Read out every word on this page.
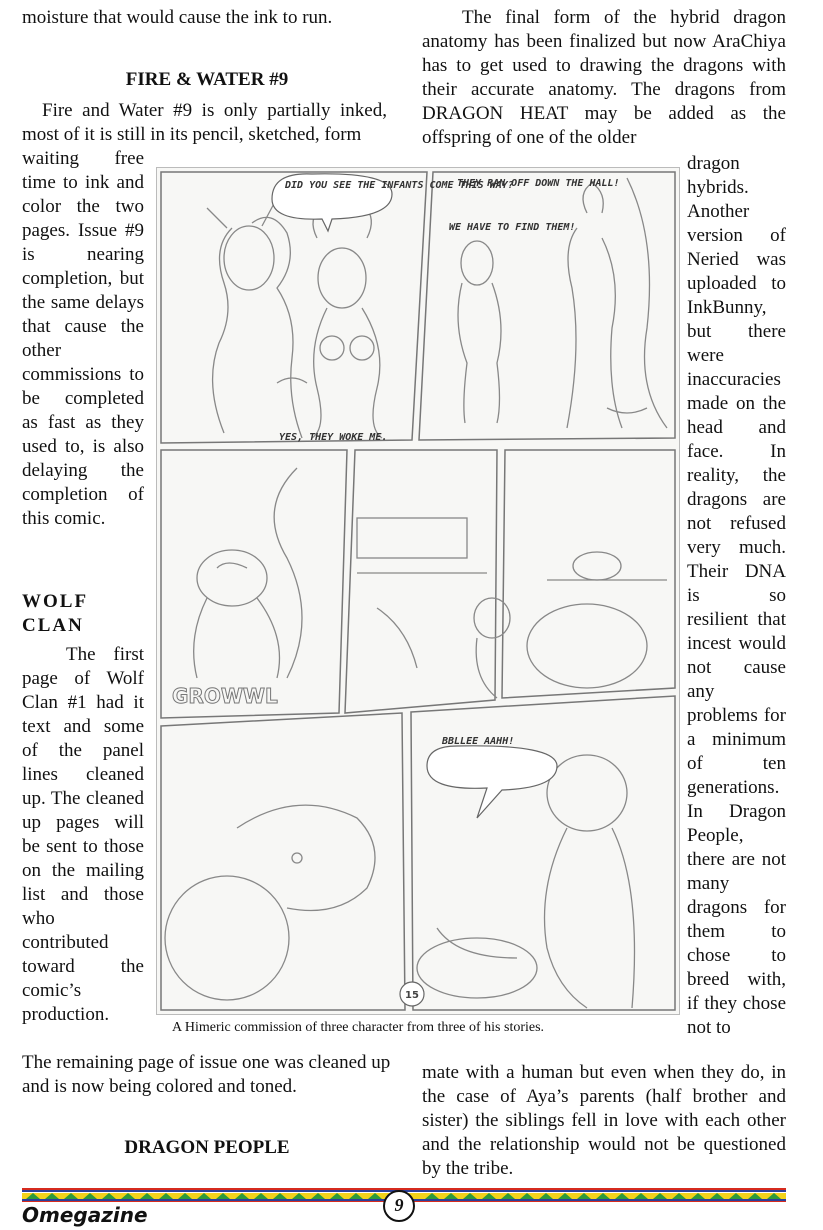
moisture that would cause the ink to run.
FIRE & WATER #9
Fire and Water #9 is only partially inked, most of it is still in its pencil, sketched, form
waiting free time to ink and color the two pages. Issue #9 is nearing completion, but the same delays that cause the other commissions to be completed as fast as they used to, is also delaying the completion of this comic.
WOLF CLAN
The first page of Wolf Clan #1 had it text and some of the panel lines cleaned up. The cleaned up pages will be sent to those on the mailing list and those who contributed toward the comic’s production.
The remaining page of issue one was cleaned up and is now being colored and toned.
DRAGON PEOPLE
The final form of the hybrid dragon anatomy has been finalized but now AraChiya has to get used to drawing the dragons with their accurate anatomy. The dragons from DRAGON HEAT may be added as the offspring of one of the older
dragon hybrids. Another version of Neried was uploaded to InkBunny, but there were inaccuracies made on the head and face. In reality, the dragons are not refused very much. Their DNA is so resilient that incest would not cause any problems for a minimum of ten generations. In Dragon People, there are not many dragons for them to chose to breed with, if they chose not to
mate with a human but even when they do, in the case of Aya’s parents (half brother and sister) the siblings fell in love with each other and the relationship would not be questioned by the tribe.
DID YOU SEE THE INFANTS COME THIS WAY?
THEY RAN OFF DOWN THE HALL!
WE HAVE TO FIND THEM!
YES, THEY WOKE ME.
GROWWL
BBLLEE AAHH!
15
A Himeric commission of three character from three of his stories.
9
Omegazine
